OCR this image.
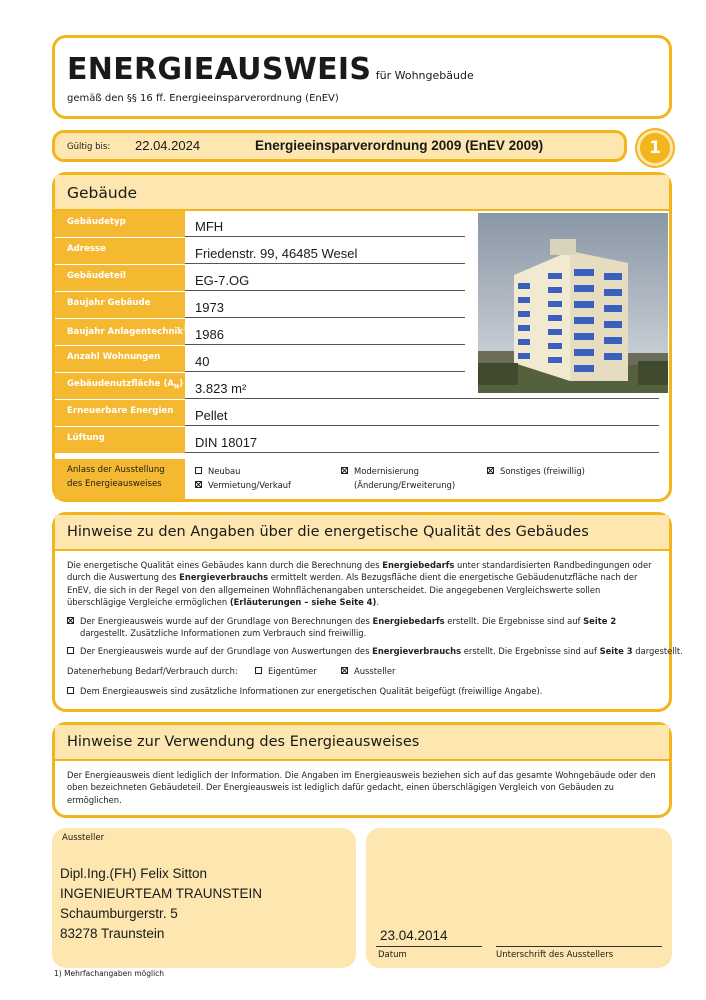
ENERGIEAUSWEIS für Wohngebäude
gemäß den §§ 16 ff. Energieeinsparverordnung (EnEV)
Gültig bis: 22.04.2024	Energieeinsparverordnung 2009 (EnEV 2009)	1
Gebäude
Gebäudetyp	MFH
Adresse	Friedenstr. 99, 46485 Wesel
Gebäudeteil	EG-7.OG
Baujahr Gebäude	1973
Baujahr Anlagentechnik$^{1)}$ 1986
Anzahl Wohnungen	40
Gebäudenutzfläche $(A_N)$ 3.823 m²
Erneuerbare Energien	Pellet
Lüftung	DIN 18017
Anlass der Ausstellung
des Energieausweises
Neubau	Modernisierung
(Änderung/Erweiterung)
Sonstiges (freiwillig)
Vermietung/Verkauf
Hinweise zu den Angaben über die energetische Qualität des Gebäudes
Die energetische Qualität eines Gebäudes kann durch die Berechnung des Energiebedarfs unter standardisierten Randbedingungen oder durch die Auswertung des Energieverbrauchs ermittelt werden. Als Bezugsfläche dient die energetische Gebäudenutzfläche nach der EnEV, die sich in der Regel von den allgemeinen Wohnflächenangaben unterscheidet. Die angegebenen Vergleichswerte sollen überschlägige Vergleiche ermöglichen (Erläuterungen – siehe Seite 4).
Der Energieausweis wurde auf der Grundlage von Berechnungen des Energiebedarfs erstellt. Die Ergebnisse sind auf Seite 2 dargestellt. Zusätzliche Informationen zum Verbrauch sind freiwillig.
Der Energieausweis wurde auf der Grundlage von Auswertungen des Energieverbrauchs erstellt. Die Ergebnisse sind auf Seite 3 dargestellt.
Datenerhebung Bedarf/Verbrauch durch:	Eigentümer	Aussteller
Dem Energieausweis sind zusätzliche Informationen zur energetischen Qualität beigefügt (freiwillige Angabe).
Hinweise zur Verwendung des Energieausweises
Der Energieausweis dient lediglich der Information. Die Angaben im Energieausweis beziehen sich auf das gesamte Wohngebäude oder den oben bezeichneten Gebäudeteil. Der Energieausweis ist lediglich dafür gedacht, einen überschlägigen Vergleich von Gebäuden zu ermöglichen.
Aussteller
Dipl.Ing.(FH) Felix Sitton
INGENIEURTEAM TRAUNSTEIN
Schaumburgerstr. 5
83278 Traunstein	23.04.2014
Datum	Unterschrift des Ausstellers
1) Mehrfachangaben möglich
